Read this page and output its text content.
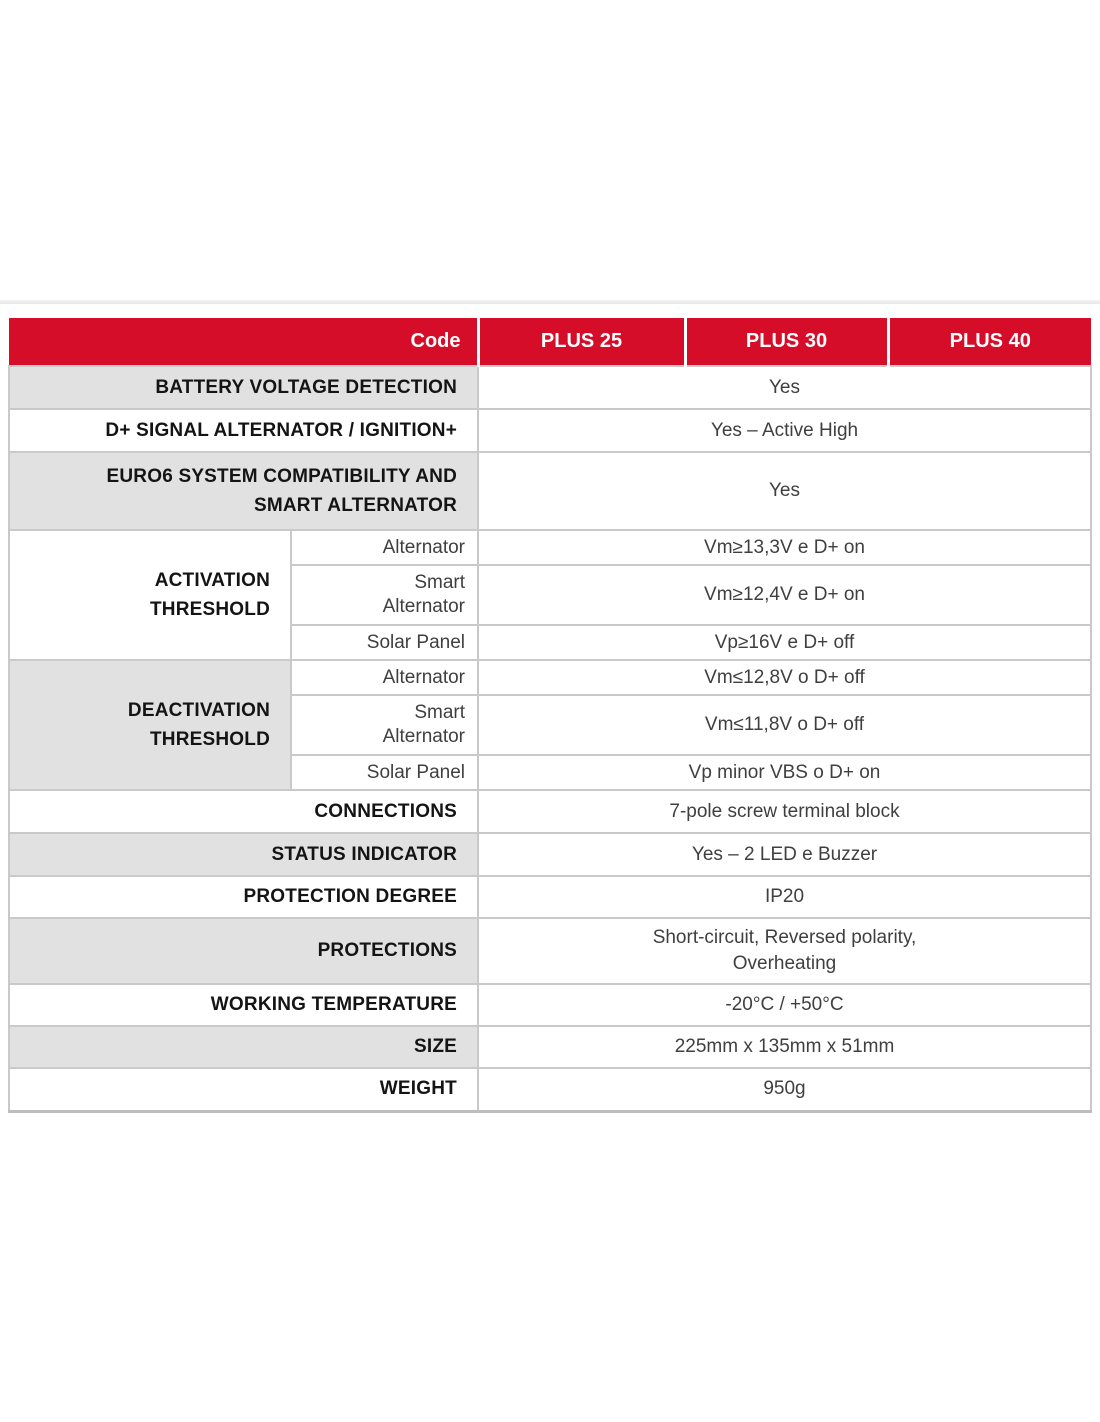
Code		PLUS 25	PLUS 30	PLUS 40
BATTERY VOLTAGE DETECTION		Yes		
D+ SIGNAL ALTERNATOR / IGNITION+		Yes – Active High		
EURO6 SYSTEM COMPATIBILITY AND SMART ALTERNATOR		Yes		
ACTIVATION THRESHOLD	Alternator	Vm≥13,3V e D+ on		
	Smart Alternator	Vm≥12,4V e D+ on		
	Solar Panel	Vp≥16V e D+ off		
DEACTIVATION THRESHOLD	Alternator	Vm≤12,8V o D+ off		
	Smart Alternator	Vm≤11,8V o D+ off		
	Solar Panel	Vp minor VBS o D+ on		
CONNECTIONS		7-pole screw terminal block		
STATUS INDICATOR		Yes – 2 LED e Buzzer		
PROTECTION DEGREE		IP20		
PROTECTIONS		Short-circuit, Reversed polarity, Overheating		
WORKING TEMPERATURE		-20°C / +50°C		
SIZE		225mm x 135mm x 51mm		
WEIGHT		950g		
